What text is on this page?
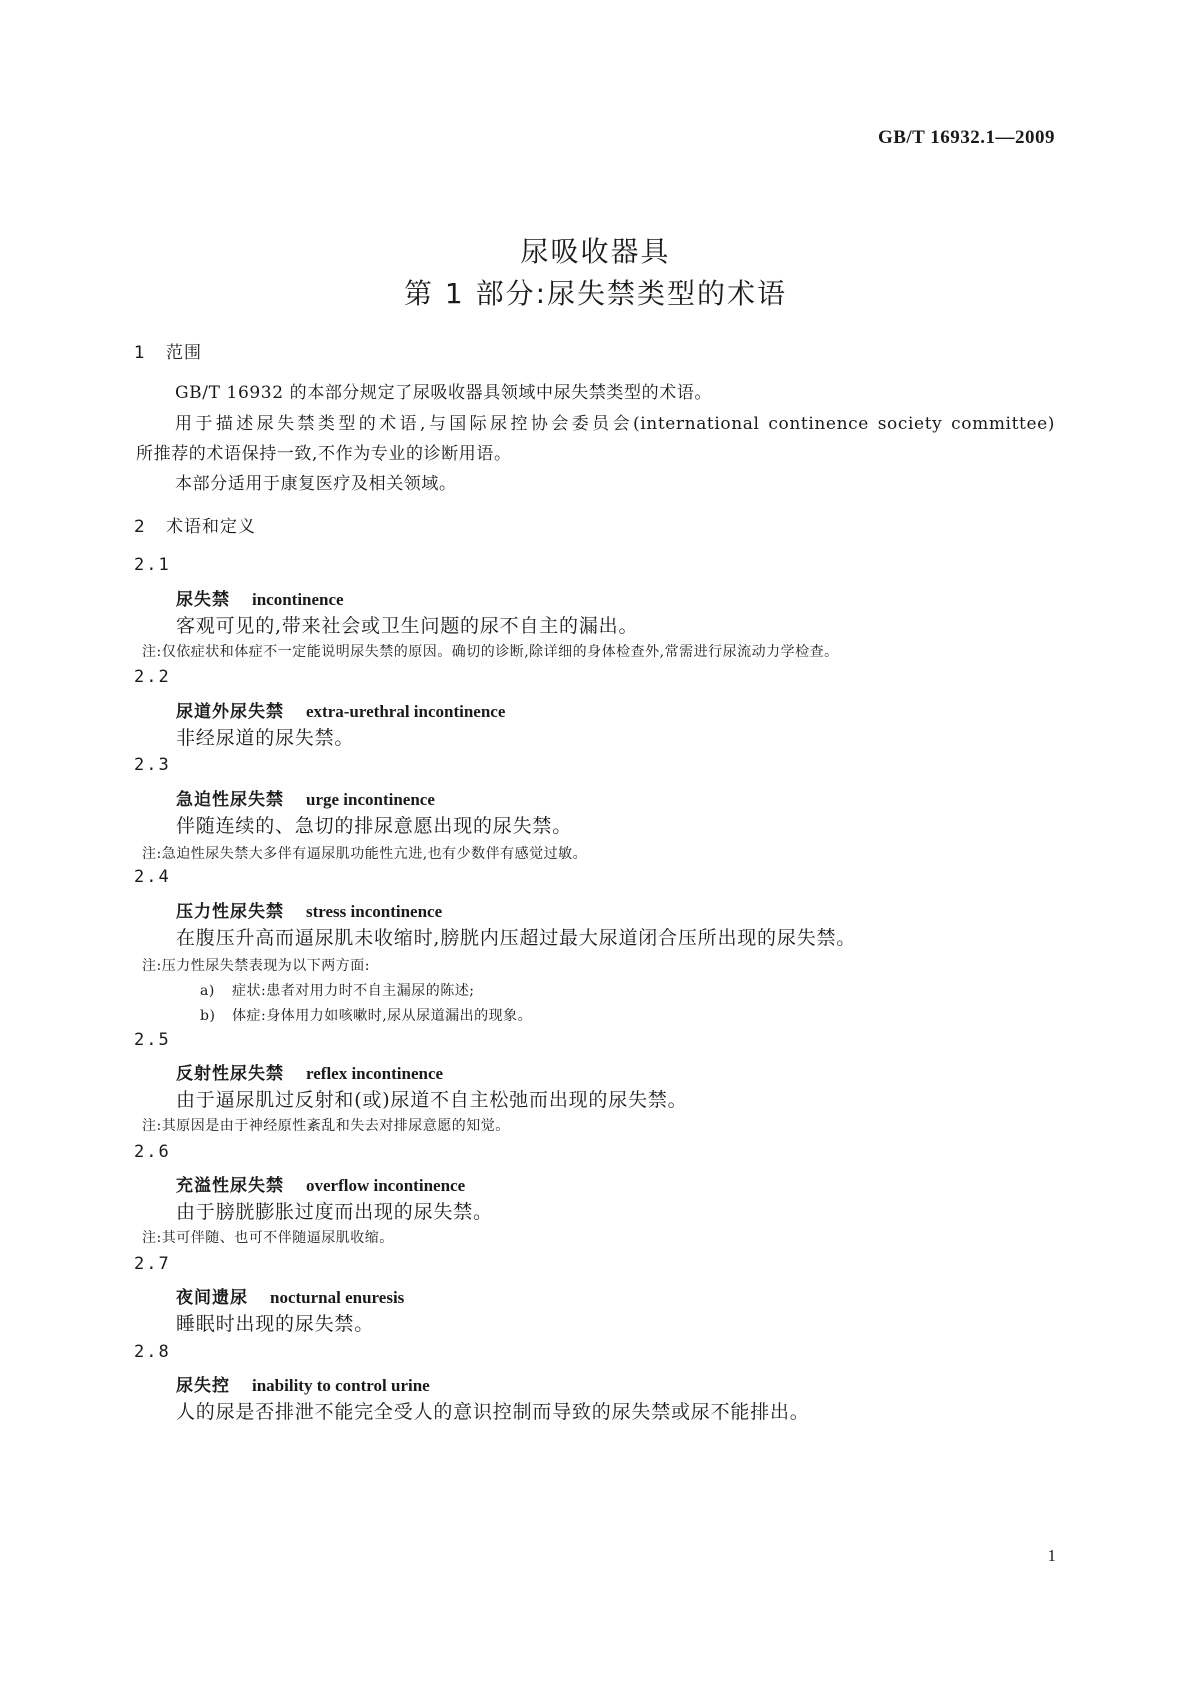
GB/T 16932.1—2009
尿吸收器具
第 1 部分:尿失禁类型的术语
1 范围
GB/T 16932 的本部分规定了尿吸收器具领域中尿失禁类型的术语。
用于描述尿失禁类型的术语,与国际尿控协会委员会(international continence society committee)
所推荐的术语保持一致,不作为专业的诊断用语。
本部分适用于康复医疗及相关领域。
2 术语和定义
2.1
尿失禁 incontinence
客观可见的,带来社会或卫生问题的尿不自主的漏出。
注:仅依症状和体症不一定能说明尿失禁的原因。确切的诊断,除详细的身体检查外,常需进行尿流动力学检查。
2.2
尿道外尿失禁 extra-urethral incontinence
非经尿道的尿失禁。
2.3
急迫性尿失禁 urge incontinence
伴随连续的、急切的排尿意愿出现的尿失禁。
注:急迫性尿失禁大多伴有逼尿肌功能性亢进,也有少数伴有感觉过敏。
2.4
压力性尿失禁 stress incontinence
在腹压升高而逼尿肌未收缩时,膀胱内压超过最大尿道闭合压所出现的尿失禁。
注:压力性尿失禁表现为以下两方面:
a) 症状:患者对用力时不自主漏尿的陈述;
b) 体症:身体用力如咳嗽时,尿从尿道漏出的现象。
2.5
反射性尿失禁 reflex incontinence
由于逼尿肌过反射和(或)尿道不自主松弛而出现的尿失禁。
注:其原因是由于神经原性紊乱和失去对排尿意愿的知觉。
2.6
充溢性尿失禁 overflow incontinence
由于膀胱膨胀过度而出现的尿失禁。
注:其可伴随、也可不伴随逼尿肌收缩。
2.7
夜间遗尿 nocturnal enuresis
睡眠时出现的尿失禁。
2.8
尿失控 inability to control urine
人的尿是否排泄不能完全受人的意识控制而导致的尿失禁或尿不能排出。
1
